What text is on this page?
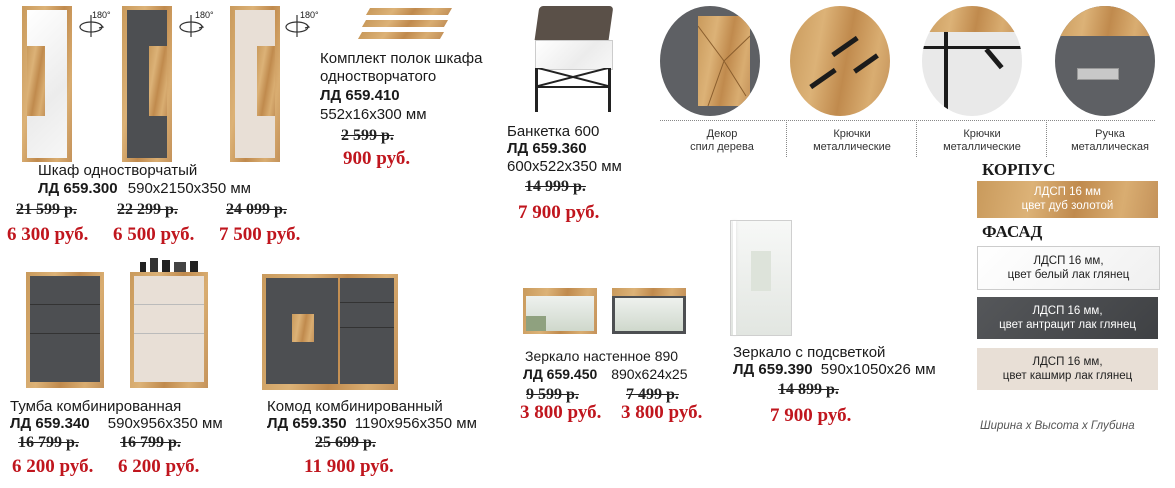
180°	180°	180°
Шкаф одностворчатый
ЛД 659.300 590x2150x350 мм
21 599 р.	22 299 р.	24 099 р.
6 300 руб. 6 500 руб. 7 500 руб.
Комплект полок шкафа
одностворчатого
ЛД 659.410
552x16x300 мм
2 599 р.
900 руб.
Банкетка 600
ЛД 659.360
600x522x350 мм
14 999 р.
7 900 руб.
Декор
спил дерева
Крючки
металлические
Крючки
металлические
Ручка
металлическая
КОРПУС
ЛДСП 16 мм
цвет дуб золотой
ФАСАД
ЛДСП 16 мм,
цвет белый лак глянец
ЛДСП 16 мм,
цвет антрацит лак глянец
ЛДСП 16 мм,
цвет кашмир лак глянец
Ширина х Высота х Глубина
Тумба комбинированная
ЛД 659.340 590x956x350 мм
16 799 р.	16 799 р.
6 200 руб. 6 200 руб.
Комод комбинированный
ЛД 659.350 1190x956x350 мм
25 699 р.
11 900 руб.
Зеркало настенное 890
ЛД 659.450 890x624x25
9 599 р.	7 499 р.
3 800 руб. 3 800 руб.
Зеркало с подсветкой
ЛД 659.390 590x1050x26 мм
14 899 р.
7 900 руб.
